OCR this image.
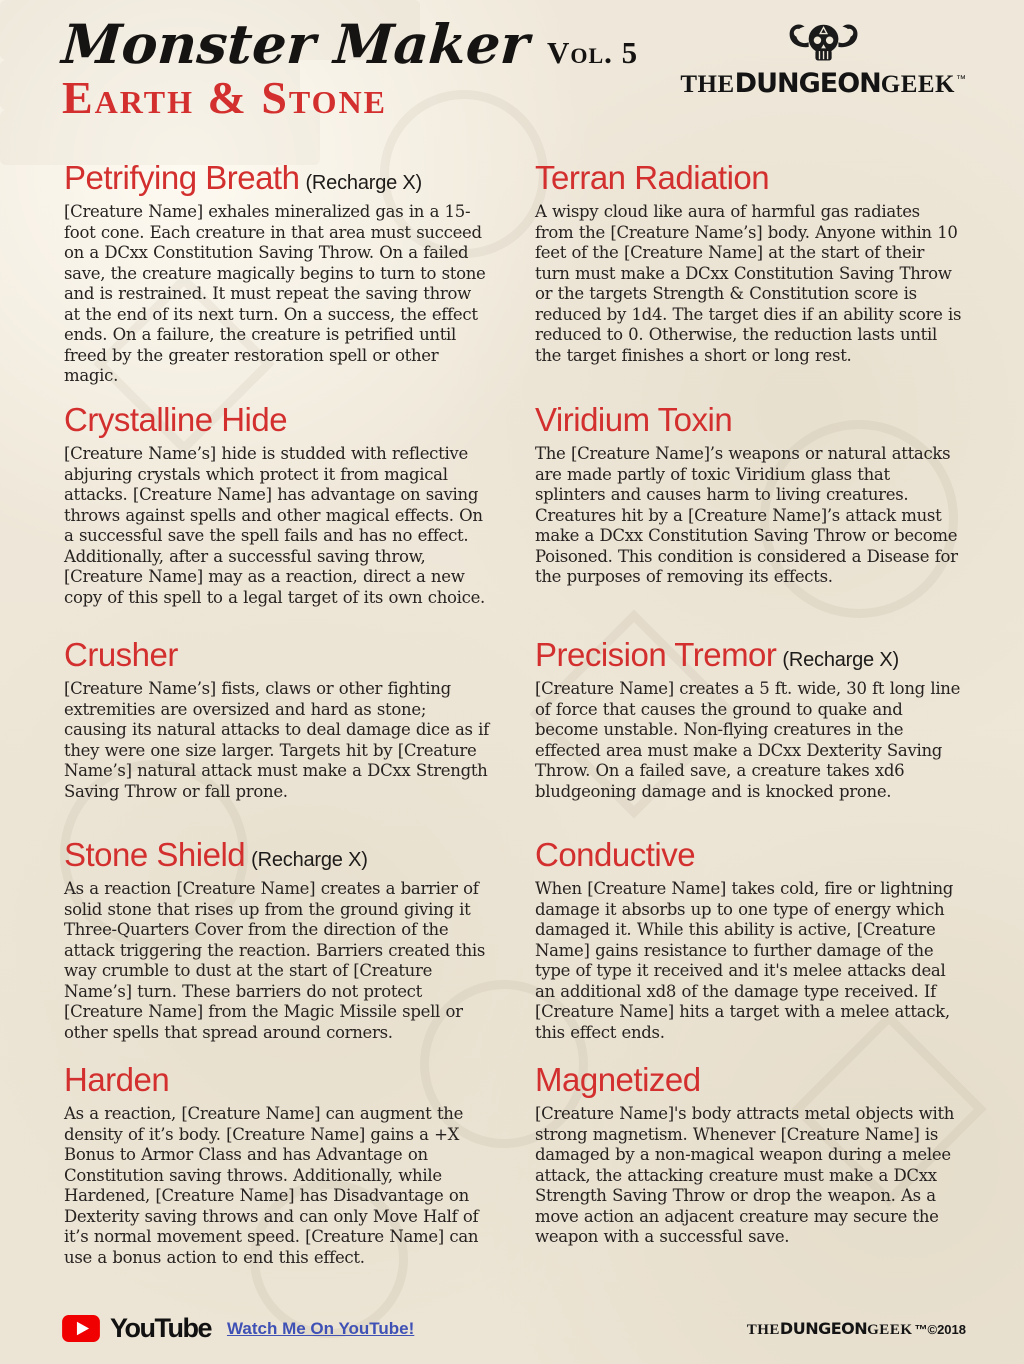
Monster Maker Vol. 5
Earth & Stone	THE DUNGEON GEEK ™
Petrifying Breath (Recharge X)

[Creature Name] exhales mineralized gas in a 15-foot cone. Each creature in that area must succeed on a DCxx Constitution Saving Throw. On a failed save, the creature magically begins to turn to stone and is restrained. It must repeat the saving throw at the end of its next turn. On a success, the effect ends. On a failure, the creature is petrified until freed by the greater restoration spell or other magic.

Terran Radiation

A wispy cloud like aura of harmful gas radiates from the [Creature Name’s] body. Anyone within 10 feet of the [Creature Name] at the start of their turn must make a DCxx Constitution Saving Throw or the targets Strength & Constitution score is reduced by 1d4. The target dies if an ability score is reduced to 0. Otherwise, the reduction lasts until the target finishes a short or long rest.

Crystalline Hide

[Creature Name’s] hide is studded with reflective abjuring crystals which protect it from magical attacks. [Creature Name] has advantage on saving throws against spells and other magical effects. On a successful save the spell fails and has no effect. Additionally, after a successful saving throw, [Creature Name] may as a reaction, direct a new copy of this spell to a legal target of its own choice.

Viridium Toxin

The [Creature Name]’s weapons or natural attacks are made partly of toxic Viridium glass that splinters and causes harm to living creatures. Creatures hit by a [Creature Name]’s attack must make a DCxx Constitution Saving Throw or become Poisoned. This condition is considered a Disease for the purposes of removing its effects.

Crusher

[Creature Name’s] fists, claws or other fighting extremities are oversized and hard as stone; causing its natural attacks to deal damage dice as if they were one size larger. Targets hit by [Creature Name’s] natural attack must make a DCxx Strength Saving Throw or fall prone.

Precision Tremor (Recharge X)

[Creature Name] creates a 5 ft. wide, 30 ft long line of force that causes the ground to quake and become unstable. Non-flying creatures in the effected area must make a DCxx Dexterity Saving Throw. On a failed save, a creature takes xd6 bludgeoning damage and is knocked prone.

Stone Shield (Recharge X)

As a reaction [Creature Name] creates a barrier of solid stone that rises up from the ground giving it Three-Quarters Cover from the direction of the attack triggering the reaction. Barriers created this way crumble to dust at the start of [Creature Name’s] turn. These barriers do not protect [Creature Name] from the Magic Missile spell or other spells that spread around corners.

Conductive

When [Creature Name] takes cold, fire or lightning damage it absorbs up to one type of energy which damaged it. While this ability is active, [Creature Name] gains resistance to further damage of the type of type it received and it's melee attacks deal an additional xd8 of the damage type received. If [Creature Name] hits a target with a melee attack, this effect ends.

Harden

As a reaction, [Creature Name] can augment the density of it’s body. [Creature Name] gains a +X Bonus to Armor Class and has Advantage on Constitution saving throws. Additionally, while Hardened, [Creature Name] has Disadvantage on Dexterity saving throws and can only Move Half of it’s normal movement speed. [Creature Name] can use a bonus action to end this effect.

Magnetized

[Creature Name]'s body attracts metal objects with strong magnetism. Whenever [Creature Name] is damaged by a non-magical weapon during a melee attack, the attacking creature must make a DCxx Strength Saving Throw or drop the weapon. As a move action an adjacent creature may secure the weapon with a successful save.

YouTube Watch Me On YouTube!	THE DUNGEON GEEK ™©2018
